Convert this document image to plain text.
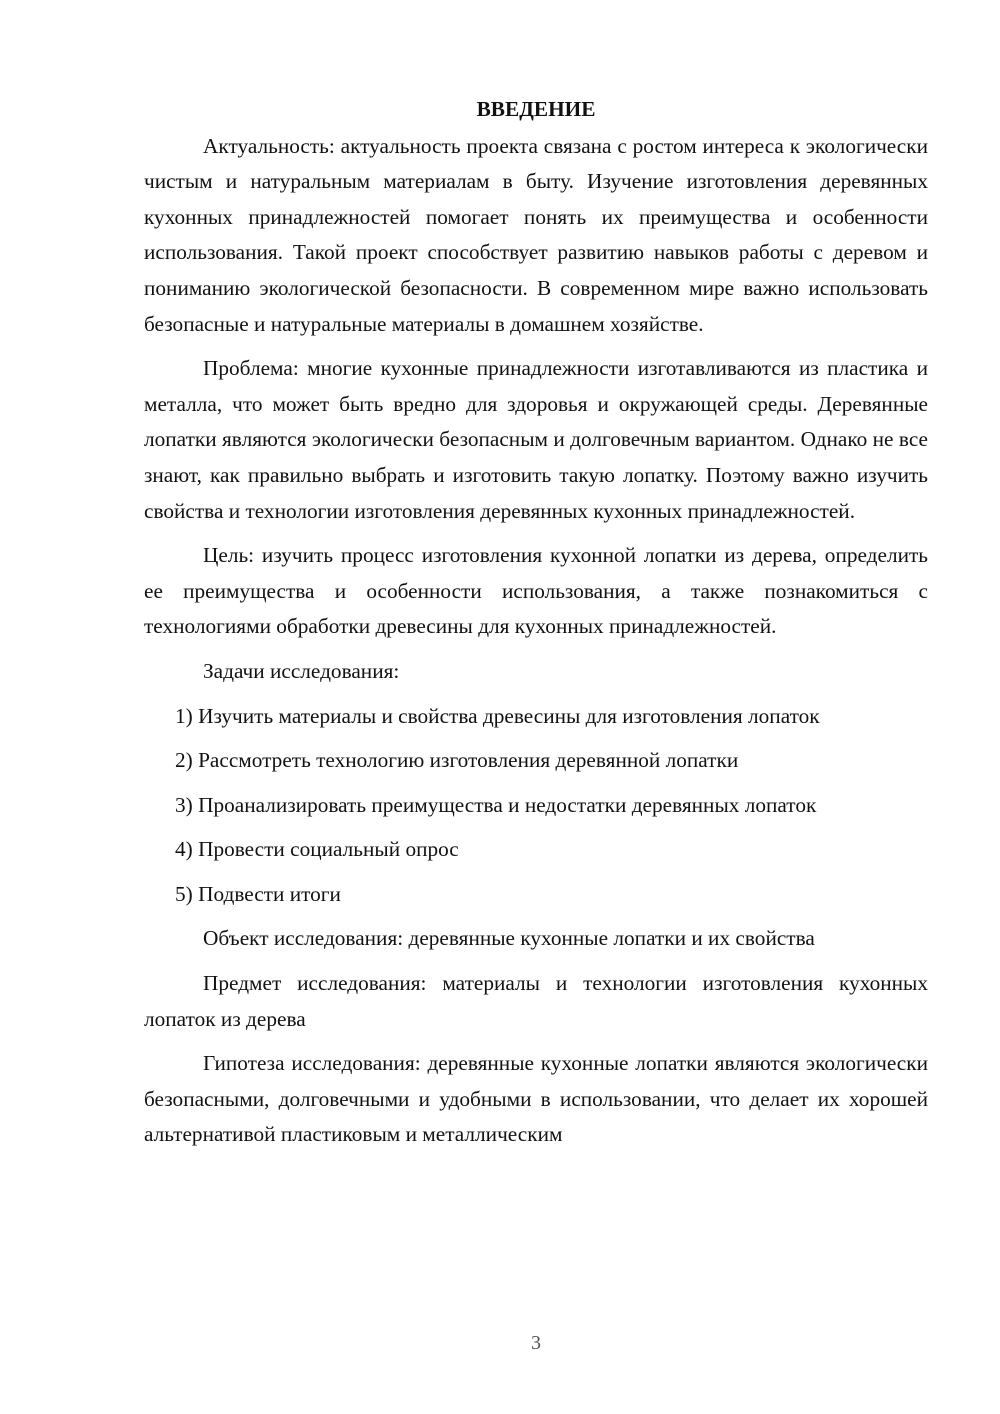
ВВЕДЕНИЕ

Актуальность: актуальность проекта связана с ростом интереса к экологически чистым и натуральным материалам в быту. Изучение изготовления деревянных кухонных принадлежностей помогает понять их преимущества и особенности использования. Такой проект способствует развитию навыков работы с деревом и пониманию экологической безопасности. В современном мире важно использовать безопасные и натуральные материалы в домашнем хозяйстве.

Проблема: многие кухонные принадлежности изготавливаются из пластика и металла, что может быть вредно для здоровья и окружающей среды. Деревянные лопатки являются экологически безопасным и долговечным вариантом. Однако не все знают, как правильно выбрать и изготовить такую лопатку. Поэтому важно изучить свойства и технологии изготовления деревянных кухонных принадлежностей.

Цель: изучить процесс изготовления кухонной лопатки из дерева, определить ее преимущества и особенности использования, а также познакомиться с технологиями обработки древесины для кухонных принадлежностей.

Задачи исследования:

1) Изучить материалы и свойства древесины для изготовления лопаток

2) Рассмотреть технологию изготовления деревянной лопатки

3) Проанализировать преимущества и недостатки деревянных лопаток

4) Провести социальный опрос

5) Подвести итоги

Объект исследования: деревянные кухонные лопатки и их свойства

Предмет исследования: материалы и технологии изготовления кухонных лопаток из дерева

Гипотеза исследования: деревянные кухонные лопатки являются экологически безопасными, долговечными и удобными в использовании, что делает их хорошей альтернативой пластиковым и металлическим

3
